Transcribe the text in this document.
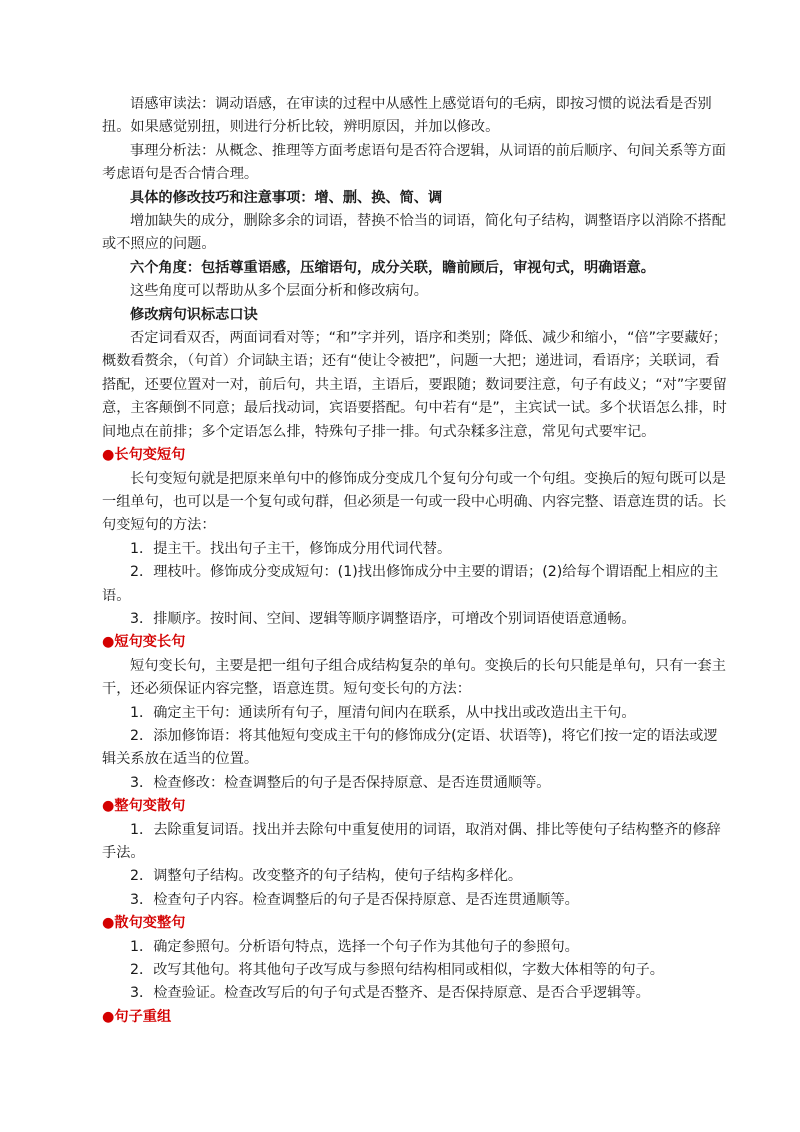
语感审读法：调动语感，在审读的过程中从感性上感觉语句的毛病，即按习惯的说法看是否别扭。如果感觉别扭，则进行分析比较，辨明原因，并加以修改。

事理分析法：从概念、推理等方面考虑语句是否符合逻辑，从词语的前后顺序、句间关系等方面考虑语句是否合情合理。

具体的修改技巧和注意事项：增、删、换、简、调

增加缺失的成分，删除多余的词语，替换不恰当的词语，简化句子结构，调整语序以消除不搭配或不照应的问题。

六个角度：包括尊重语感，压缩语句，成分关联，瞻前顾后，审视句式，明确语意。

这些角度可以帮助从多个层面分析和修改病句。

修改病句识标志口诀

否定词看双否，两面词看对等；“和”字并列，语序和类别；降低、减少和缩小，“倍”字要藏好；概数看赘余，（句首）介词缺主语；还有“使让令被把”，问题一大把；递进词，看语序；关联词，看搭配，还要位置对一对，前后句，共主语，主语后，要跟随；数词要注意，句子有歧义；“对”字要留意，主客颠倒不同意；最后找动词，宾语要搭配。句中若有“是”，主宾试一试。多个状语怎么排，时间地点在前排；多个定语怎么排，特殊句子排一排。句式杂糅多注意，常见句式要牢记。

●长句变短句

长句变短句就是把原来单句中的修饰成分变成几个复句分句或一个句组。变换后的短句既可以是一组单句，也可以是一个复句或句群，但必须是一句或一段中心明确、内容完整、语意连贯的话。长句变短句的方法：

1．提主干。找出句子主干，修饰成分用代词代替。

2．理枝叶。修饰成分变成短句：(1)找出修饰成分中主要的谓语；(2)给每个谓语配上相应的主语。

3．排顺序。按时间、空间、逻辑等顺序调整语序，可增改个别词语使语意通畅。

●短句变长句

短句变长句，主要是把一组句子组合成结构复杂的单句。变换后的长句只能是单句，只有一套主干，还必须保证内容完整，语意连贯。短句变长句的方法：

1．确定主干句：通读所有句子，厘清句间内在联系，从中找出或改造出主干句。

2．添加修饰语：将其他短句变成主干句的修饰成分(定语、状语等)，将它们按一定的语法或逻辑关系放在适当的位置。

3．检查修改：检查调整后的句子是否保持原意、是否连贯通顺等。

●整句变散句

1．去除重复词语。找出并去除句中重复使用的词语，取消对偶、排比等使句子结构整齐的修辞手法。

2．调整句子结构。改变整齐的句子结构，使句子结构多样化。

3．检查句子内容。检查调整后的句子是否保持原意、是否连贯通顺等。

●散句变整句

1．确定参照句。分析语句特点，选择一个句子作为其他句子的参照句。

2．改写其他句。将其他句子改写成与参照句结构相同或相似，字数大体相等的句子。

3．检查验证。检查改写后的句子句式是否整齐、是否保持原意、是否合乎逻辑等。

●句子重组
